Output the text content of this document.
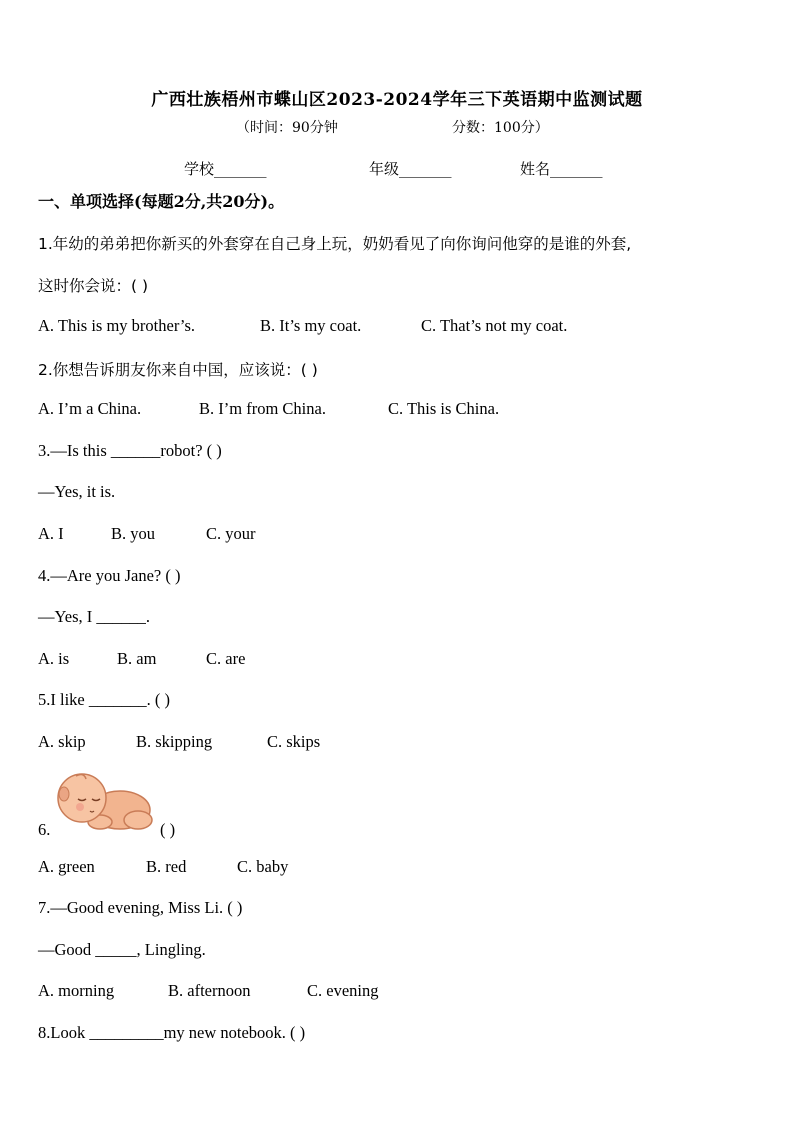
广西壮族梧州市蝶山区2023-2024学年三下英语期中监测试题
（时间：90分钟	分数：100分）
学校_______	年级_______	姓名_______
一、单项选择(每题2分,共20分)。
1.年幼的弟弟把你新买的外套穿在自己身上玩，奶奶看见了向你询问他穿的是谁的外套,
这时你会说：( )
A. This is my brother’s.	B. It’s my coat.	C. That’s not my coat.
2.你想告诉朋友你来自中国，应该说：( )
A. I’m a China.	B. I’m from China.	C. This is China.
3.—Is this ______robot? ( )
—Yes, it is.
A. I	B. you	C. your
4.—Are you Jane? ( )
—Yes, I ______.
A. is	B. am	C. are
5.I like _______. ( )
A. skip	B. skipping	C. skips
6.	( )
A. green	B. red	C. baby
7.—Good evening, Miss Li. ( )
—Good _____, Lingling.
A. morning	B. afternoon	C. evening
8.Look _________my new notebook. ( )
